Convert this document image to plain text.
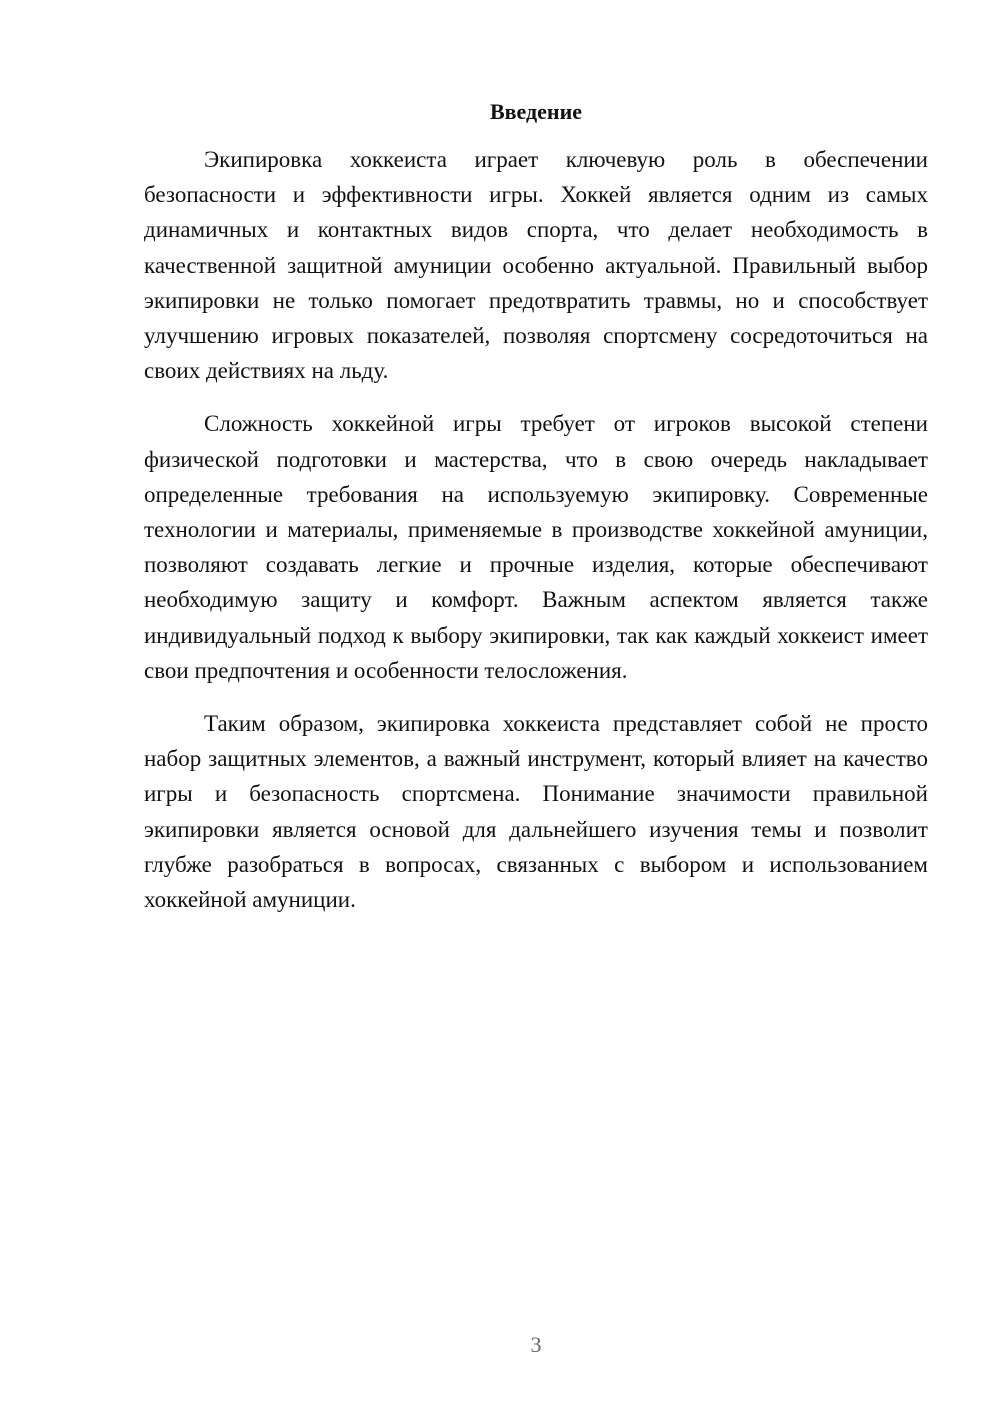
Введение

Экипировка хоккеиста играет ключевую роль в обеспечении безопасности и эффективности игры. Хоккей является одним из самых динамичных и контактных видов спорта, что делает необходимость в качественной защитной амуниции особенно актуальной. Правильный выбор экипировки не только помогает предотвратить травмы, но и способствует улучшению игровых показателей, позволяя спортсмену сосредоточиться на своих действиях на льду.

Сложность хоккейной игры требует от игроков высокой степени физической подготовки и мастерства, что в свою очередь накладывает определенные требования на используемую экипировку. Современные технологии и материалы, применяемые в производстве хоккейной амуниции, позволяют создавать легкие и прочные изделия, которые обеспечивают необходимую защиту и комфорт. Важным аспектом является также индивидуальный подход к выбору экипировки, так как каждый хоккеист имеет свои предпочтения и особенности телосложения.

Таким образом, экипировка хоккеиста представляет собой не просто набор защитных элементов, а важный инструмент, который влияет на качество игры и безопасность спортсмена. Понимание значимости правильной экипировки является основой для дальнейшего изучения темы и позволит глубже разобраться в вопросах, связанных с выбором и использованием хоккейной амуниции.

3
